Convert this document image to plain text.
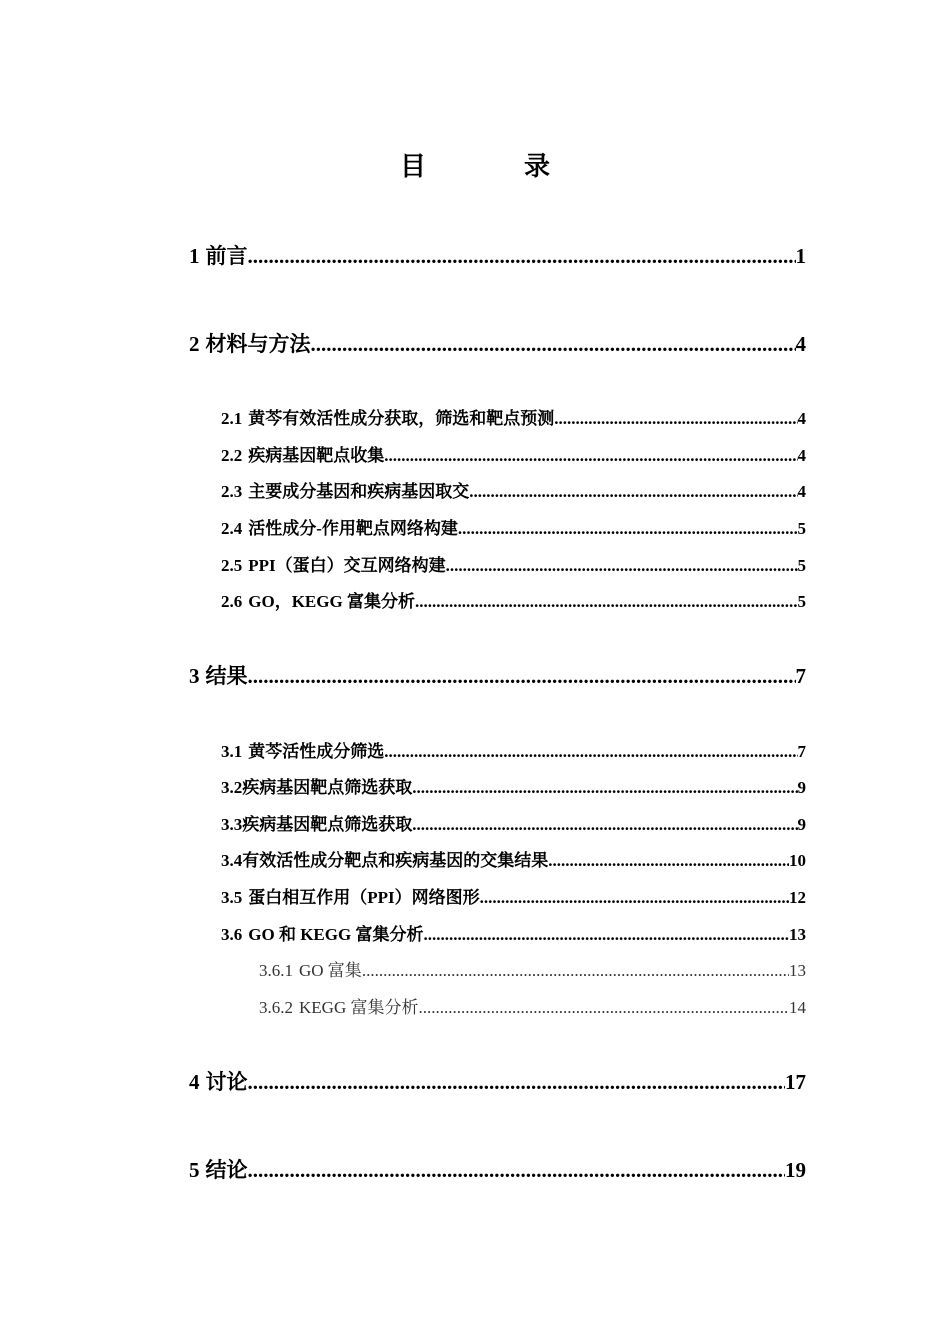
目　录
1 前言 .....	1
2 材料与方法 .....	4
2.1 黄芩有效活性成分获取，筛选和靶点预测 .....	4
2.2 疾病基因靶点收集 .....	4
2.3 主要成分基因和疾病基因取交 .....	4
2.4 活性成分-作用靶点网络构建 .....	5
2.5 PPI（蛋白）交互网络构建 .....	5
2.6 GO，KEGG 富集分析 .....	5
3 结果 .....	7
3.1 黄芩活性成分筛选 .....	7
3.2疾病基因靶点筛选获取 .....	9
3.3疾病基因靶点筛选获取 .....	9
3.4有效活性成分靶点和疾病基因的交集结果 .....	10
3.5 蛋白相互作用（PPI）网络图形 .....	12
3.6 GO 和 KEGG 富集分析 .....	13
3.6.1 GO 富集 .....	13
3.6.2 KEGG 富集分析 .....	14
4 讨论 .....	17
5 结论 .....	19
